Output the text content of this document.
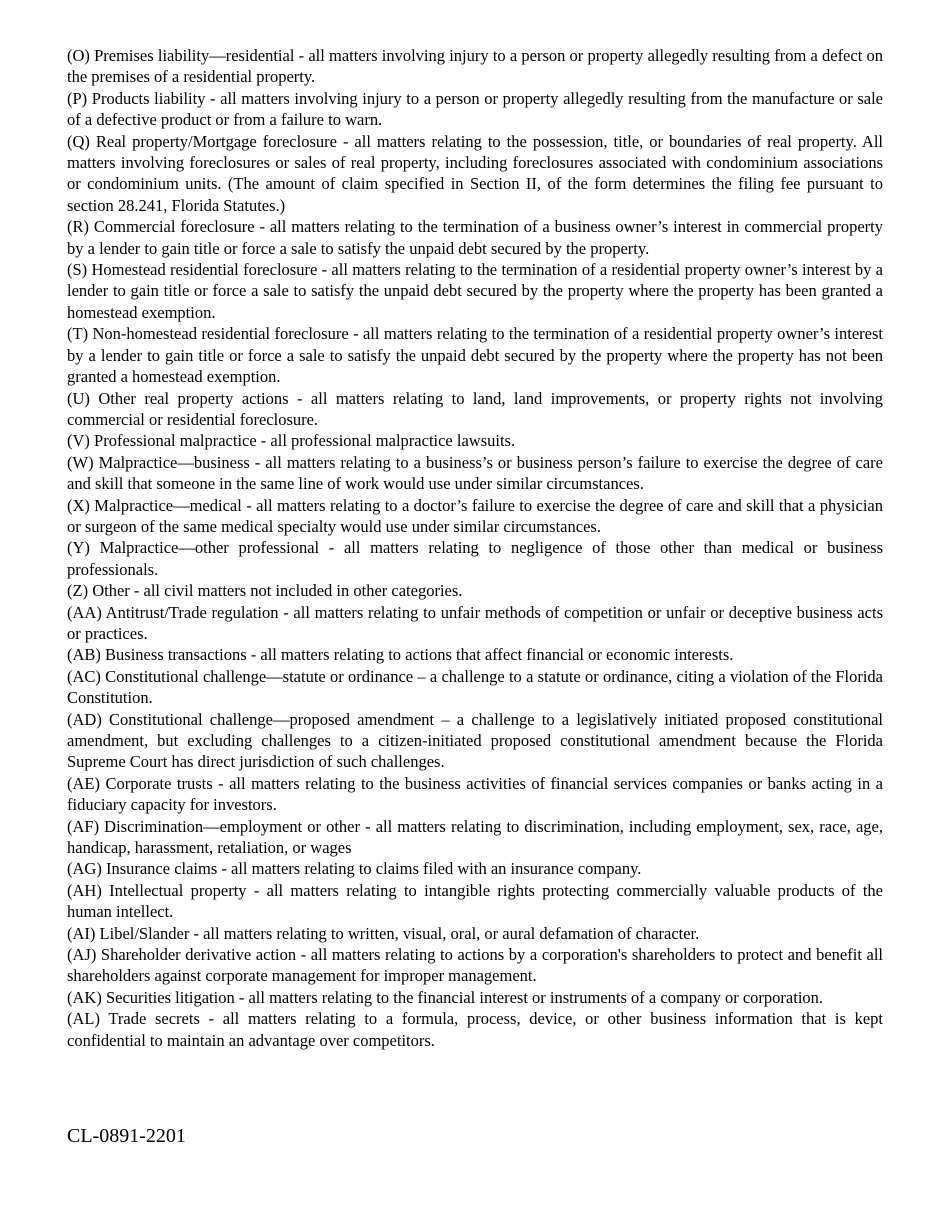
(O) Premises liability—residential - all matters involving injury to a person or property allegedly resulting from a defect on the premises of a residential property.

(P) Products liability - all matters involving injury to a person or property allegedly resulting from the manufacture or sale of a defective product or from a failure to warn.

(Q) Real property/Mortgage foreclosure - all matters relating to the possession, title, or boundaries of real property. All matters involving foreclosures or sales of real property, including foreclosures associated with condominium associations or condominium units. (The amount of claim specified in Section II, of the form determines the filing fee pursuant to section 28.241, Florida Statutes.)

(R) Commercial foreclosure - all matters relating to the termination of a business owner’s interest in commercial property by a lender to gain title or force a sale to satisfy the unpaid debt secured by the property.

(S) Homestead residential foreclosure - all matters relating to the termination of a residential property owner’s interest by a lender to gain title or force a sale to satisfy the unpaid debt secured by the property where the property has been granted a homestead exemption.

(T) Non-homestead residential foreclosure - all matters relating to the termination of a residential property owner’s interest by a lender to gain title or force a sale to satisfy the unpaid debt secured by the property where the property has not been granted a homestead exemption.

(U) Other real property actions - all matters relating to land, land improvements, or property rights not involving commercial or residential foreclosure.

(V) Professional malpractice - all professional malpractice lawsuits.

(W) Malpractice—business - all matters relating to a business’s or business person’s failure to exercise the degree of care and skill that someone in the same line of work would use under similar circumstances.

(X) Malpractice—medical - all matters relating to a doctor’s failure to exercise the degree of care and skill that a physician or surgeon of the same medical specialty would use under similar circumstances.

(Y) Malpractice—other professional - all matters relating to negligence of those other than medical or business professionals.

(Z) Other - all civil matters not included in other categories.

(AA) Antitrust/Trade regulation - all matters relating to unfair methods of competition or unfair or deceptive business acts or practices.

(AB) Business transactions - all matters relating to actions that affect financial or economic interests.

(AC) Constitutional challenge—statute or ordinance – a challenge to a statute or ordinance, citing a violation of the Florida Constitution.

(AD) Constitutional challenge—proposed amendment – a challenge to a legislatively initiated proposed constitutional amendment, but excluding challenges to a citizen-initiated proposed constitutional amendment because the Florida Supreme Court has direct jurisdiction of such challenges.

(AE) Corporate trusts - all matters relating to the business activities of financial services companies or banks acting in a fiduciary capacity for investors.

(AF) Discrimination—employment or other - all matters relating to discrimination, including employment, sex, race, age, handicap, harassment, retaliation, or wages

(AG) Insurance claims - all matters relating to claims filed with an insurance company.

(AH) Intellectual property - all matters relating to intangible rights protecting commercially valuable products of the human intellect.

(AI) Libel/Slander - all matters relating to written, visual, oral, or aural defamation of character.

(AJ) Shareholder derivative action - all matters relating to actions by a corporation's shareholders to protect and benefit all shareholders against corporate management for improper management.

(AK) Securities litigation - all matters relating to the financial interest or instruments of a company or corporation.

(AL) Trade secrets - all matters relating to a formula, process, device, or other business information that is kept confidential to maintain an advantage over competitors.

CL-0891-2201
